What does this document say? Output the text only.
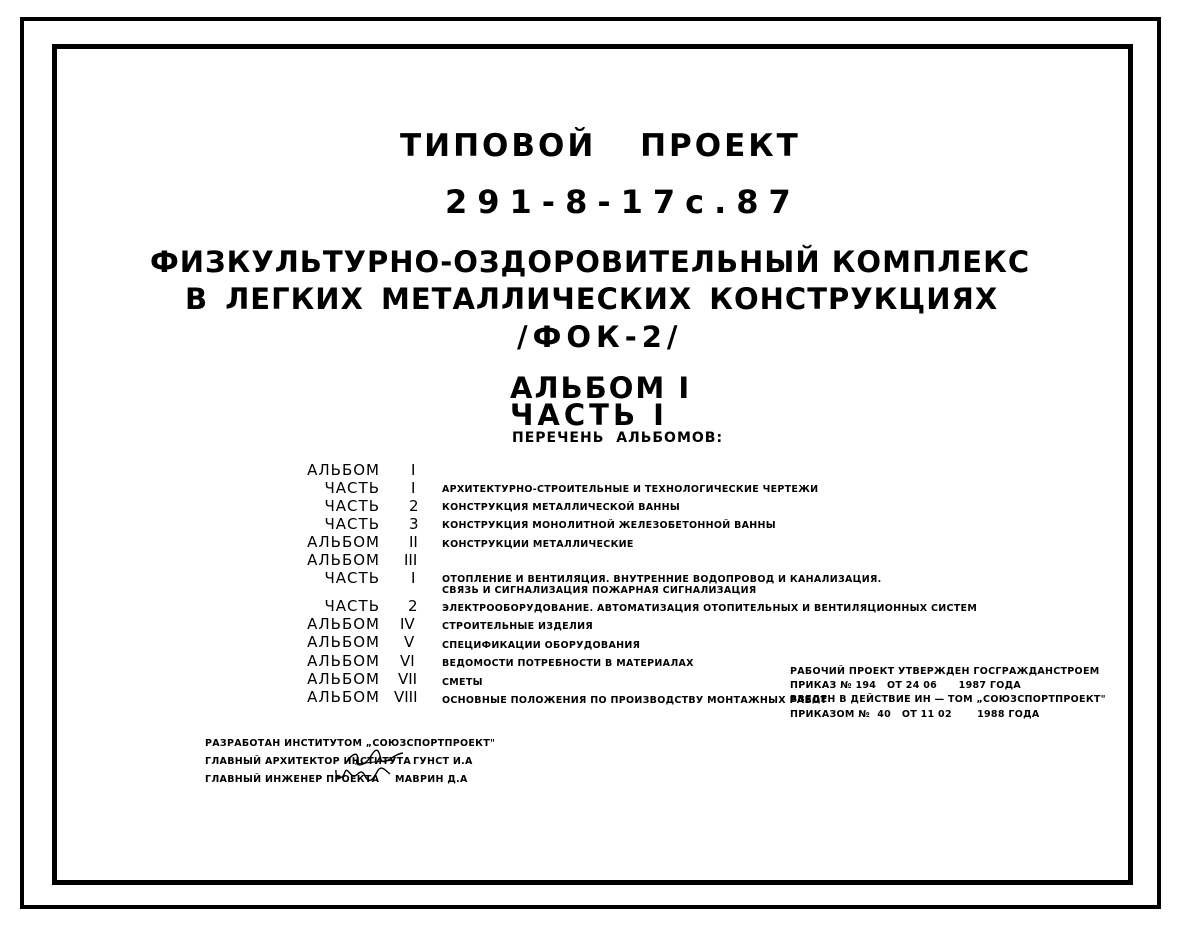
ТИПОВОЙ ПРОЕКТ
291-8-17с.87
ФИЗКУЛЬТУРНО-ОЗДОРОВИТЕЛЬНЫЙ КОМПЛЕКС
В ЛЕГКИХ МЕТАЛЛИЧЕСКИХ КОНСТРУКЦИЯХ
/ФОК-2/
АЛЬБОМ I
ЧАСТЬ I
ПЕРЕЧЕНЬ АЛЬБОМОВ:
АЛЬБОМ I
ЧАСТЬ I	АРХИТЕКТУРНО-СТРОИТЕЛЬНЫЕ И ТЕХНОЛОГИЧЕСКИЕ ЧЕРТЕЖИ
ЧАСТЬ 2 КОНСТРУКЦИЯ МЕТАЛЛИЧЕСКОЙ ВАННЫ
ЧАСТЬ 3 КОНСТРУКЦИЯ МОНОЛИТНОЙ ЖЕЛЕЗОБЕТОННОЙ ВАННЫ
АЛЬБОМ II	КОНСТРУКЦИИ МЕТАЛЛИЧЕСКИЕ
АЛЬБОМ III
ЧАСТЬ I	ОТОПЛЕНИЕ И ВЕНТИЛЯЦИЯ. ВНУТРЕННИЕ ВОДОПРОВОД И КАНАЛИЗАЦИЯ.
СВЯЗЬ И СИГНАЛИЗАЦИЯ ПОЖАРНАЯ СИГНАЛИЗАЦИЯ
ЧАСТЬ 2	ЭЛЕКТРООБОРУДОВАНИЕ. АВТОМАТИЗАЦИЯ ОТОПИТЕЛЬНЫХ И ВЕНТИЛЯЦИОННЫХ СИСТЕМ
АЛЬБОМ IV	СТРОИТЕЛЬНЫЕ ИЗДЕЛИЯ
АЛЬБОМ V	СПЕЦИФИКАЦИИ ОБОРУДОВАНИЯ
АЛЬБОМ VI	ВЕДОМОСТИ ПОТРЕБНОСТИ В МАТЕРИАЛАХ
АЛЬБОМ VII	СМЕТЫ
АЛЬБОМ VIII	ОСНОВНЫЕ ПОЛОЖЕНИЯ ПО ПРОИЗВОДСТВУ МОНТАЖНЫХ РАБОТ
РАБОЧИЙ ПРОЕКТ УТВЕРЖДЕН ГОСГРАЖДАНСТРОЕМ
ПРИКАЗ № 194   ОТ 24 06      1987 ГОДА
ВВЕДЕН В ДЕЙСТВИЕ ИН — ТОМ „СОЮЗСПОРТПРОЕКТ"
ПРИКАЗОМ №  40   ОТ 11 02       1988 ГОДА
РАЗРАБОТАН ИНСТИТУТОМ „СОЮЗСПОРТПРОЕКТ"
ГЛАВНЫЙ АРХИТЕКТОР ИНСТИТУТА ГУНСТ И.А
ГЛАВНЫЙ ИНЖЕНЕР ПРОЕКТА МАВРИН Д.А
